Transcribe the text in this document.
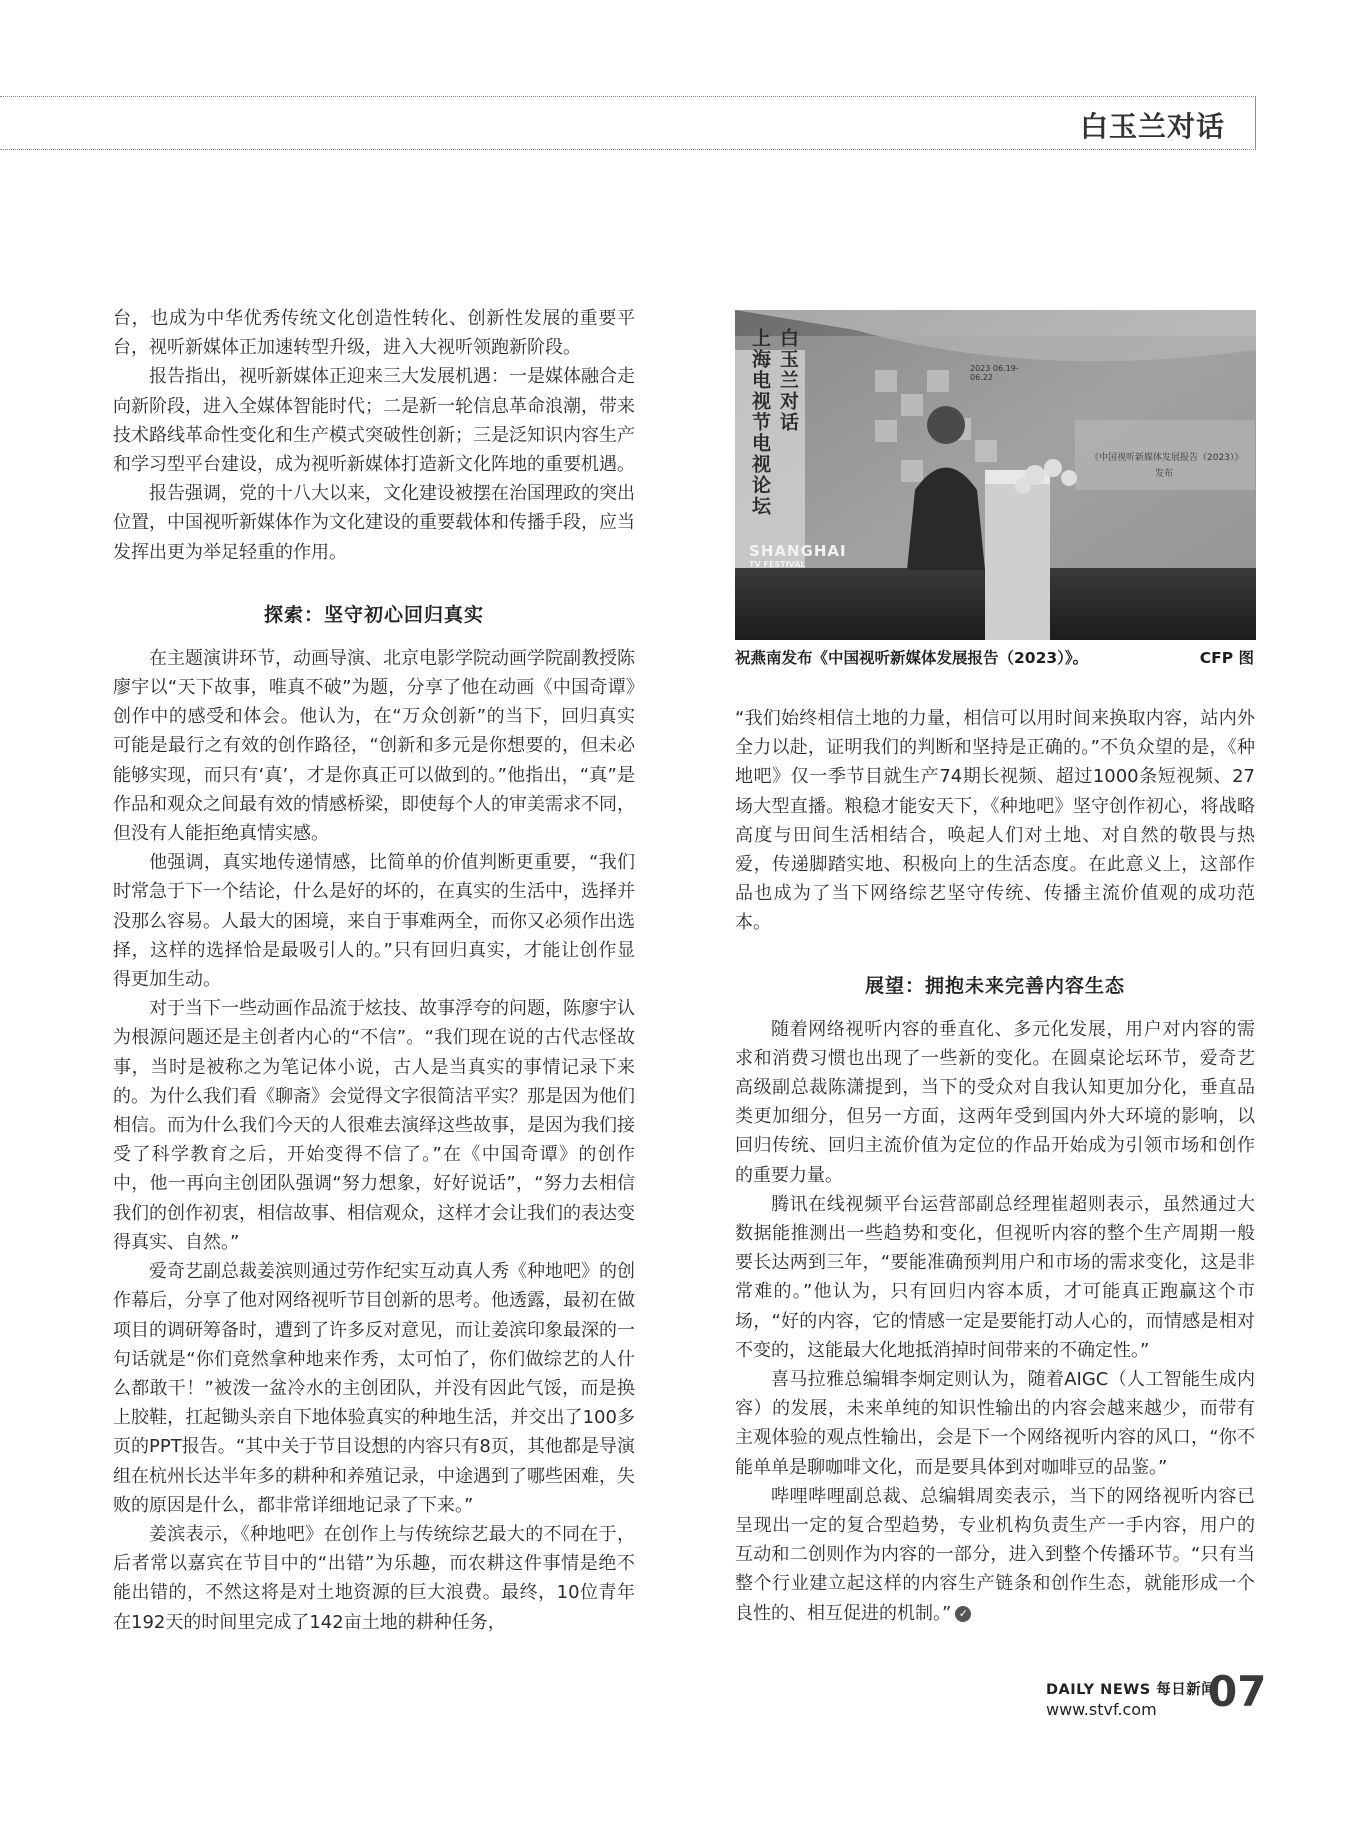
白玉兰对话

台，也成为中华优秀传统文化创造性转化、创新性发展的重要平台，视听新媒体正加速转型升级，进入大视听领跑新阶段。

报告指出，视听新媒体正迎来三大发展机遇：一是媒体融合走向新阶段，进入全媒体智能时代；二是新一轮信息革命浪潮，带来技术路线革命性变化和生产模式突破性创新；三是泛知识内容生产和学习型平台建设，成为视听新媒体打造新文化阵地的重要机遇。

报告强调，党的十八大以来，文化建设被摆在治国理政的突出位置，中国视听新媒体作为文化建设的重要载体和传播手段，应当发挥出更为举足轻重的作用。

探索：坚守初心回归真实

在主题演讲环节，动画导演、北京电影学院动画学院副教授陈廖宇以“天下故事，唯真不破”为题，分享了他在动画《中国奇谭》创作中的感受和体会。他认为，在“万众创新”的当下，回归真实可能是最行之有效的创作路径，“创新和多元是你想要的，但未必能够实现，而只有‘真’，才是你真正可以做到的。”他指出，“真”是作品和观众之间最有效的情感桥梁，即使每个人的审美需求不同，但没有人能拒绝真情实感。

他强调，真实地传递情感，比简单的价值判断更重要，“我们时常急于下一个结论，什么是好的坏的，在真实的生活中，选择并没那么容易。人最大的困境，来自于事难两全，而你又必须作出选择，这样的选择恰是最吸引人的。”只有回归真实，才能让创作显得更加生动。

对于当下一些动画作品流于炫技、故事浮夸的问题，陈廖宇认为根源问题还是主创者内心的“不信”。“我们现在说的古代志怪故事，当时是被称之为笔记体小说，古人是当真实的事情记录下来的。为什么我们看《聊斋》会觉得文字很简洁平实？那是因为他们相信。而为什么我们今天的人很难去演绎这些故事，是因为我们接受了科学教育之后，开始变得不信了。”在《中国奇谭》的创作中，他一再向主创团队强调“努力想象，好好说话”，“努力去相信我们的创作初衷，相信故事、相信观众，这样才会让我们的表达变得真实、自然。”

爱奇艺副总裁姜滨则通过劳作纪实互动真人秀《种地吧》的创作幕后，分享了他对网络视听节目创新的思考。他透露，最初在做项目的调研筹备时，遭到了许多反对意见，而让姜滨印象最深的一句话就是“你们竟然拿种地来作秀，太可怕了，你们做综艺的人什么都敢干！”被泼一盆冷水的主创团队，并没有因此气馁，而是换上胶鞋，扛起锄头亲自下地体验真实的种地生活，并交出了100多页的PPT报告。“其中关于节目设想的内容只有8页，其他都是导演组在杭州长达半年多的耕种和养殖记录，中途遇到了哪些困难，失败的原因是什么，都非常详细地记录了下来。”

姜滨表示，《种地吧》在创作上与传统综艺最大的不同在于，后者常以嘉宾在节目中的“出错”为乐趣，而农耕这件事情是绝不能出错的，不然这将是对土地资源的巨大浪费。最终，10位青年在192天的时间里完成了142亩土地的耕种任务，

白玉兰对话
上海电视节电视论坛	2023 06.19-06.22
SHANGHAI
TV FESTIVAL
《中国视听新媒体发展报告（2023）》
发布
祝燕南发布《中国视听新媒体发展报告（2023）》。	CFP 图

“我们始终相信土地的力量，相信可以用时间来换取内容，站内外全力以赴，证明我们的判断和坚持是正确的。”不负众望的是，《种地吧》仅一季节目就生产74期长视频、超过1000条短视频、27场大型直播。粮稳才能安天下，《种地吧》坚守创作初心，将战略高度与田间生活相结合，唤起人们对土地、对自然的敬畏与热爱，传递脚踏实地、积极向上的生活态度。在此意义上，这部作品也成为了当下网络综艺坚守传统、传播主流价值观的成功范本。

展望：拥抱未来完善内容生态

随着网络视听内容的垂直化、多元化发展，用户对内容的需求和消费习惯也出现了一些新的变化。在圆桌论坛环节，爱奇艺高级副总裁陈潇提到，当下的受众对自我认知更加分化，垂直品类更加细分，但另一方面，这两年受到国内外大环境的影响，以回归传统、回归主流价值为定位的作品开始成为引领市场和创作的重要力量。

腾讯在线视频平台运营部副总经理崔超则表示，虽然通过大数据能推测出一些趋势和变化，但视听内容的整个生产周期一般要长达两到三年，“要能准确预判用户和市场的需求变化，这是非常难的。”他认为，只有回归内容本质，才可能真正跑赢这个市场，“好的内容，它的情感一定是要能打动人心的，而情感是相对不变的，这能最大化地抵消掉时间带来的不确定性。”

喜马拉雅总编辑李炯定则认为，随着AIGC（人工智能生成内容）的发展，未来单纯的知识性输出的内容会越来越少，而带有主观体验的观点性输出，会是下一个网络视听内容的风口，“你不能单单是聊咖啡文化，而是要具体到对咖啡豆的品鉴。”

哔哩哔哩副总裁、总编辑周奕表示，当下的网络视听内容已呈现出一定的复合型趋势，专业机构负责生产一手内容，用户的互动和二创则作为内容的一部分，进入到整个传播环节。“只有当整个行业建立起这样的内容生产链条和创作生态，就能形成一个良性的、相互促进的机制。” ✓

DAILY NEWS 每日新闻
www.stvf.com 07
